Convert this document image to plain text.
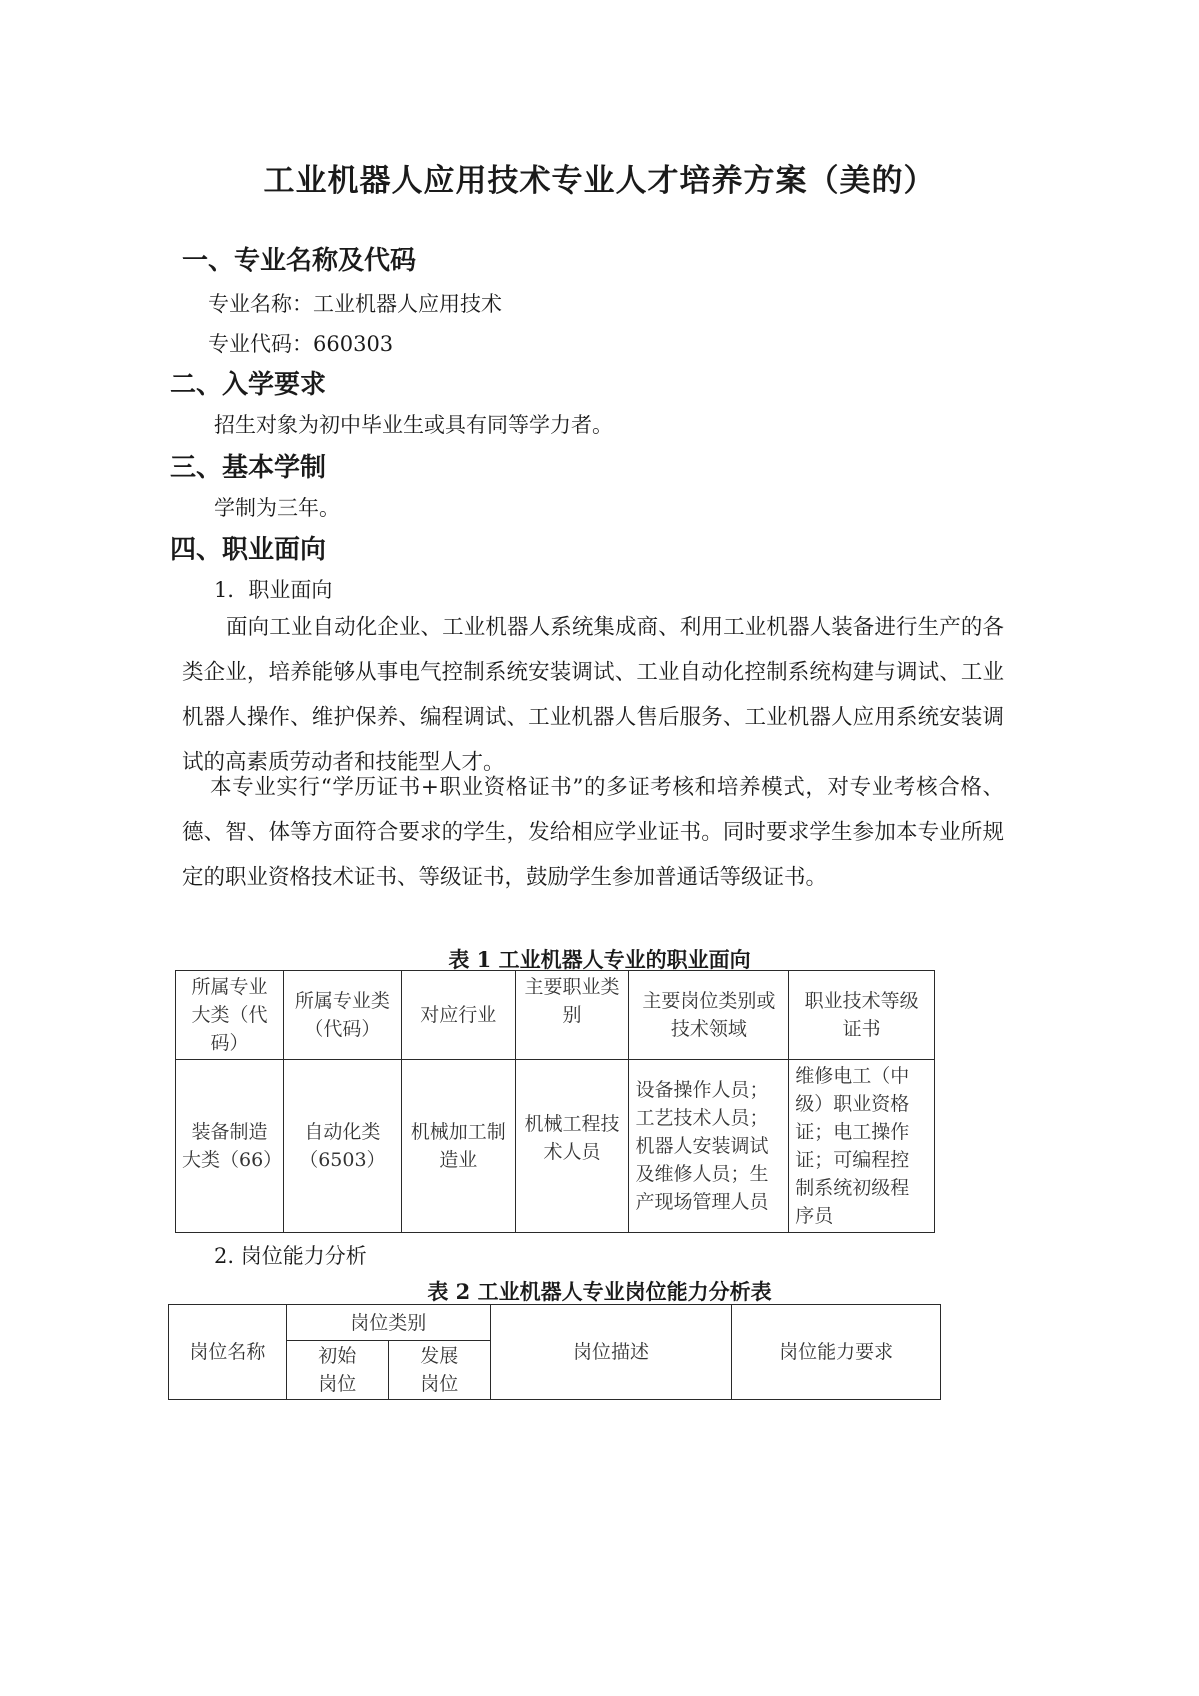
工业机器人应用技术专业人才培养方案（美的）
一、专业名称及代码
专业名称：工业机器人应用技术
专业代码：660303
二、入学要求
招生对象为初中毕业生或具有同等学力者。
三、基本学制
学制为三年。
四、职业面向
1．职业面向
面向工业自动化企业、工业机器人系统集成商、利用工业机器人装备进行生产的各类企业，培养能够从事电气控制系统安装调试、工业自动化控制系统构建与调试、工业机器人操作、维护保养、编程调试、工业机器人售后服务、工业机器人应用系统安装调试的高素质劳动者和技能型人才。
本专业实行“学历证书+职业资格证书”的多证考核和培养模式，对专业考核合格、德、智、体等方面符合要求的学生，发给相应学业证书。同时要求学生参加本专业所规定的职业资格技术证书、等级证书，鼓励学生参加普通话等级证书。
表 1 工业机器人专业的职业面向
所属专业大类（代码）	所属专业类（代码）	对应行业	主要职业类别	主要岗位类别或技术领域	职业技术等级证书
装备制造大类（66）	自动化类（6503）	机械加工制造业	机械工程技术人员	设备操作人员；工艺技术人员；机器人安装调试及维修人员；生产现场管理人员	维修电工（中级）职业资格证；电工操作证；可编程控制系统初级程序员
2. 岗位能力分析
表 2 工业机器人专业岗位能力分析表
岗位名称	岗位类别		岗位描述	岗位能力要求
	初始岗位	发展岗位		
